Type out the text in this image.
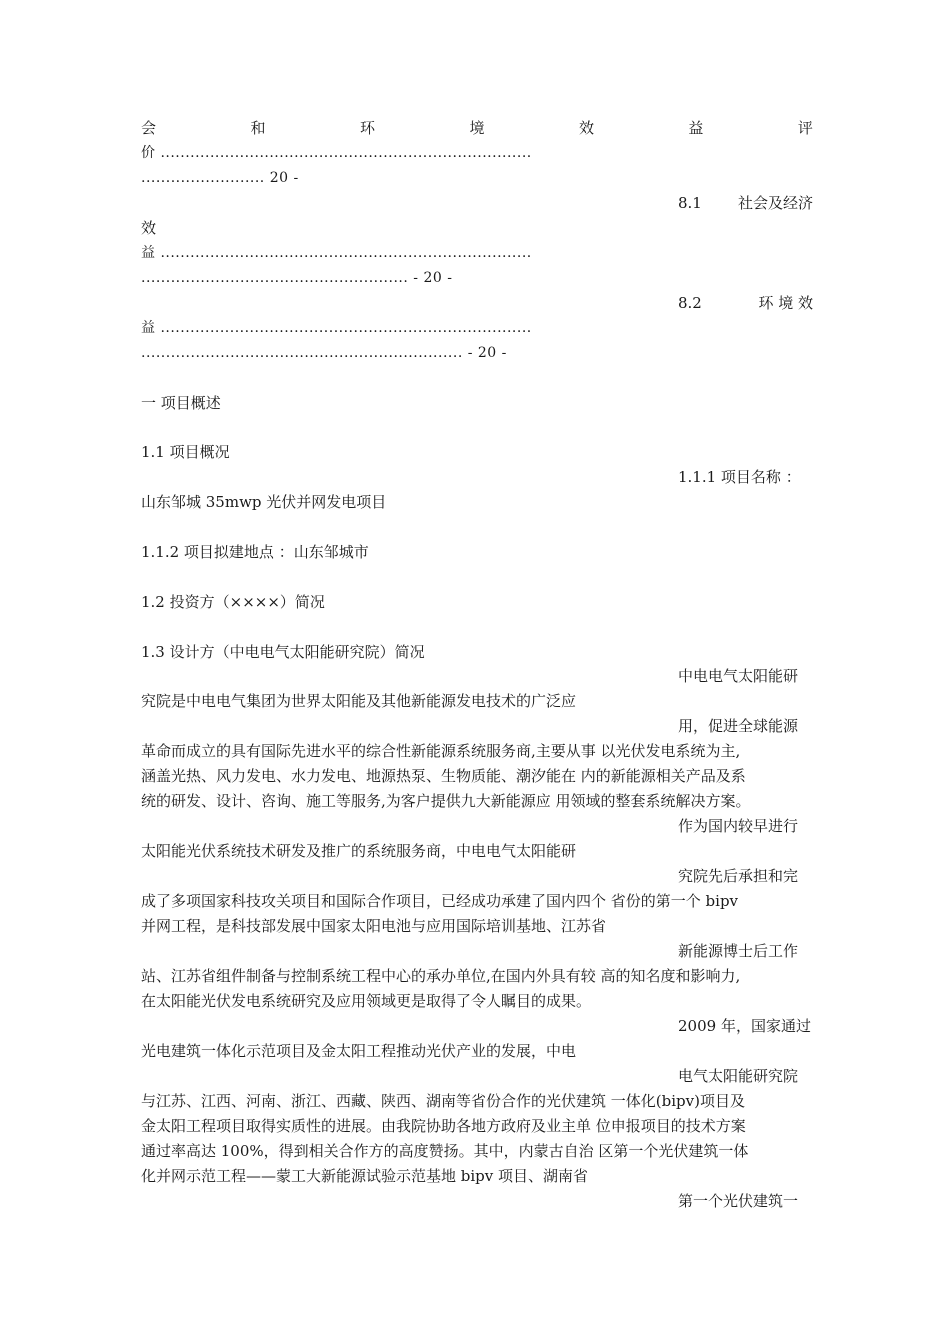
会	和	环	境	效	益	评
价 ...........................................................................
......................... 20 -
8.1 社会及经济
效
益 ...........................................................................
...................................................... - 20 -
8.2	环 境 效
益 ...........................................................................
................................................................. - 20 -
一 项目概述
1.1 项目概况
1.1.1 项目名称 ：
山东邹城 35mwp 光伏并网发电项目
1.1.2 项目拟建地点 ：山东邹城市
1.2 投资方（××××）简况
1.3 设计方（中电电气太阳能研究院）简况
中电电气太阳能研
究院是中电电气集团为世界太阳能及其他新能源发电技术的广泛应
用，促进全球能源
革命而成立的具有国际先进水平的综合性新能源系统服务商,主要从事 以光伏发电系统为主,
涵盖光热、风力发电、水力发电、地源热泵、生物质能、潮汐能在 内的新能源相关产品及系
统的研发、设计、咨询、施工等服务,为客户提供九大新能源应 用领域的整套系统解决方案。
作为国内较早进行
太阳能光伏系统技术研发及推广的系统服务商，中电电气太阳能研
究院先后承担和完
成了多项国家科技攻关项目和国际合作项目，已经成功承建了国内四个 省份的第一个 bipv
并网工程，是科技部发展中国家太阳电池与应用国际培训基地、江苏省
新能源博士后工作
站、江苏省组件制备与控制系统工程中心的承办单位,在国内外具有较 高的知名度和影响力,
在太阳能光伏发电系统研究及应用领域更是取得了令人瞩目的成果。
2009 年，国家通过
光电建筑一体化示范项目及金太阳工程推动光伏产业的发展，中电
电气太阳能研究院
与江苏、江西、河南、浙江、西藏、陕西、湖南等省份合作的光伏建筑 一体化(bipv)项目及
金太阳工程项目取得实质性的进展。由我院协助各地方政府及业主单 位申报项目的技术方案
通过率高达 100%，得到相关合作方的高度赞扬。其中，内蒙古自治 区第一个光伏建筑一体
化并网示范工程——蒙工大新能源试验示范基地 bipv 项目、湖南省
第一个光伏建筑一
